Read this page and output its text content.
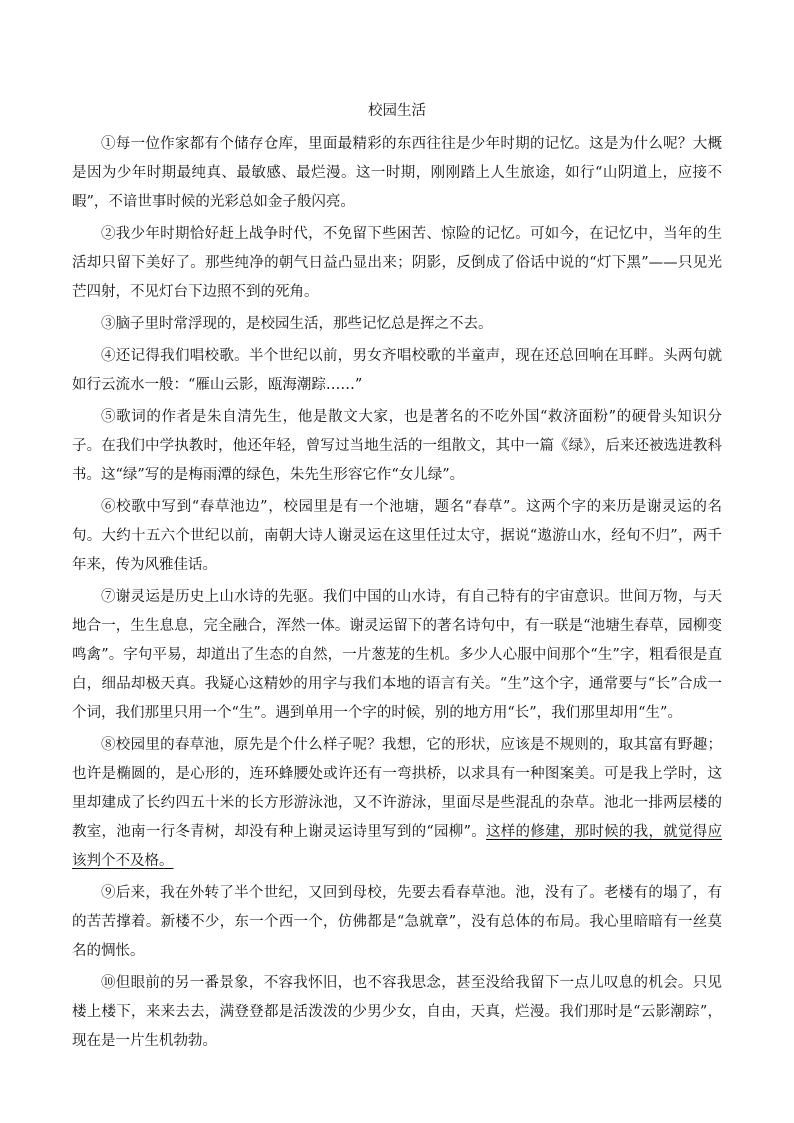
校园生活

①每一位作家都有个储存仓库，里面最精彩的东西往往是少年时期的记忆。这是为什么呢？大概是因为少年时期最纯真、最敏感、最烂漫。这一时期，刚刚踏上人生旅途，如行“山阴道上，应接不暇”，不谙世事时候的光彩总如金子般闪亮。

②我少年时期恰好赶上战争时代，不免留下些困苦、惊险的记忆。可如今，在记忆中，当年的生活却只留下美好了。那些纯净的朝气日益凸显出来；阴影，反倒成了俗话中说的“灯下黑”——只见光芒四射，不见灯台下边照不到的死角。

③脑子里时常浮现的，是校园生活，那些记忆总是挥之不去。

④还记得我们唱校歌。半个世纪以前，男女齐唱校歌的半童声，现在还总回响在耳畔。头两句就如行云流水一般：“雁山云影，瓯海潮踪……”

⑤歌词的作者是朱自清先生，他是散文大家，也是著名的不吃外国“救济面粉”的硬骨头知识分子。在我们中学执教时，他还年轻，曾写过当地生活的一组散文，其中一篇《绿》，后来还被选进教科书。这“绿”写的是梅雨潭的绿色，朱先生形容它作“女儿绿”。

⑥校歌中写到“春草池边”，校园里是有一个池塘，题名“春草”。这两个字的来历是谢灵运的名句。大约十五六个世纪以前，南朝大诗人谢灵运在这里任过太守，据说“遨游山水，经旬不归”，两千年来，传为风雅佳话。

⑦谢灵运是历史上山水诗的先驱。我们中国的山水诗，有自己特有的宇宙意识。世间万物，与天地合一，生生息息，完全融合，浑然一体。谢灵运留下的著名诗句中，有一联是“池塘生春草，园柳变鸣禽”。字句平易，却道出了生态的自然，一片葱茏的生机。多少人心服中间那个“生”字，粗看很是直白，细品却极天真。我疑心这精妙的用字与我们本地的语言有关。“生”这个字，通常要与“长”合成一个词，我们那里只用一个“生”。遇到单用一个字的时候，别的地方用“长”，我们那里却用“生”。

⑧校园里的春草池，原先是个什么样子呢？我想，它的形状，应该是不规则的，取其富有野趣；也许是椭圆的，是心形的，连环蜂腰处或许还有一弯拱桥，以求具有一种图案美。可是我上学时，这里却建成了长约四五十米的长方形游泳池，又不许游泳，里面尽是些混乱的杂草。池北一排两层楼的教室，池南一行冬青树，却没有种上谢灵运诗里写到的“园柳”。这样的修建，那时候的我，就觉得应该判个不及格。

⑨后来，我在外转了半个世纪，又回到母校，先要去看春草池。池，没有了。老楼有的塌了，有的苦苦撑着。新楼不少，东一个西一个，仿佛都是“急就章”，没有总体的布局。我心里暗暗有一丝莫名的惆怅。

⑩但眼前的另一番景象，不容我怀旧，也不容我思念，甚至没给我留下一点儿叹息的机会。只见楼上楼下，来来去去，满登登都是活泼泼的少男少女，自由，天真，烂漫。我们那时是“云影潮踪”，现在是一片生机勃勃。
